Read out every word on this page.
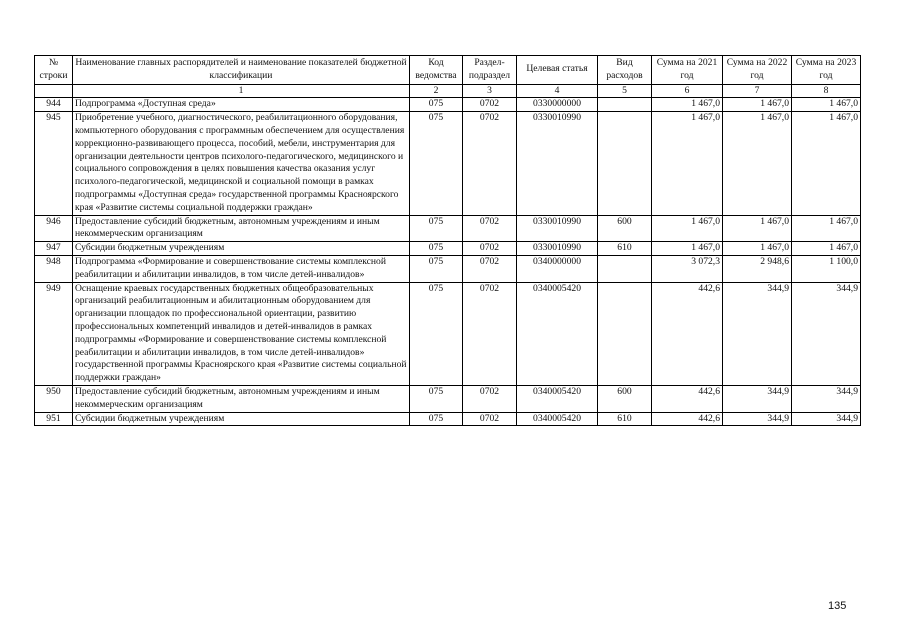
№ строки	Наименование главных распорядителей и наименование показателей бюджетной классификации	Код ведомства	Раздел-подраздел	Целевая статья	Вид расходов	Сумма на 2021 год	Сумма на 2022 год	Сумма на 2023 год
	1	2	3	4	5	6	7	8
944	Подпрограмма «Доступная среда»	075	0702	0330000000		1 467,0	1 467,0	1 467,0
945	Приобретение учебного, диагностического, реабилитационного оборудования, компьютерного оборудования с программным обеспечением для осуществления коррекционно-развивающего процесса, пособий, мебели, инструментария для организации деятельности центров психолого-педагогического, медицинского и социального сопровождения в целях повышения качества оказания услуг психолого-педагогической, медицинской и социальной помощи в рамках подпрограммы «Доступная среда» государственной программы Красноярского края «Развитие системы социальной поддержки граждан»	075	0702	0330010990		1 467,0	1 467,0	1 467,0
946	Предоставление субсидий бюджетным, автономным учреждениям и иным некоммерческим организациям	075	0702	0330010990	600	1 467,0	1 467,0	1 467,0
947	Субсидии бюджетным учреждениям	075	0702	0330010990	610	1 467,0	1 467,0	1 467,0
948	Подпрограмма «Формирование и совершенствование системы комплексной реабилитации и абилитации инвалидов, в том числе детей-инвалидов»	075	0702	0340000000		3 072,3	2 948,6	1 100,0
949	Оснащение краевых государственных бюджетных общеобразовательных организаций реабилитационным и абилитационным оборудованием для организации площадок по профессиональной ориентации, развитию профессиональных компетенций инвалидов и детей-инвалидов в рамках подпрограммы «Формирование и совершенствование системы комплексной реабилитации и абилитации инвалидов, в том числе детей-инвалидов» государственной программы Красноярского края «Развитие системы социальной поддержки граждан»	075	0702	0340005420		442,6	344,9	344,9
950	Предоставление субсидий бюджетным, автономным учреждениям и иным некоммерческим организациям	075	0702	0340005420	600	442,6	344,9	344,9
951	Субсидии бюджетным учреждениям	075	0702	0340005420	610	442,6	344,9	344,9
135
